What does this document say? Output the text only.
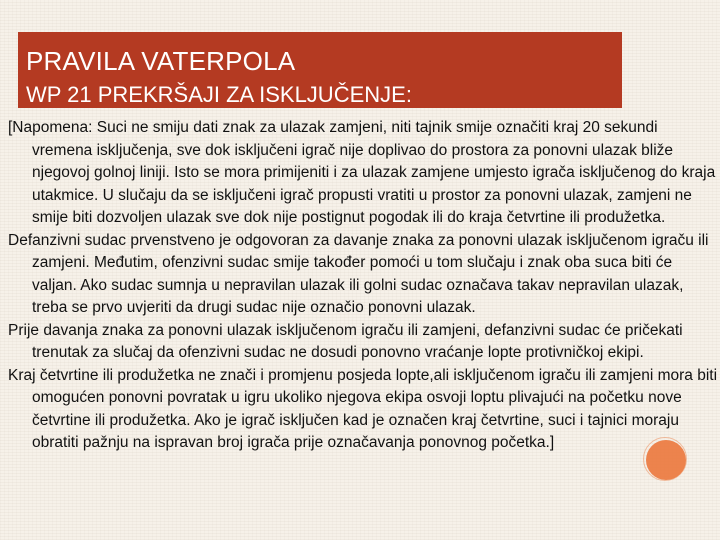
PRAVILA VATERPOLA
WP 21 PREKRŠAJI ZA ISKLJUČENJE:

[Napomena: Suci ne smiju dati znak za ulazak zamjeni, niti tajnik smije označiti kraj 20 sekundi vremena isključenja, sve dok isključeni igrač nije doplivao do prostora za ponovni ulazak bliže njegovoj golnoj liniji. Isto se mora primijeniti i za ulazak zamjene umjesto igrača isključenog do kraja utakmice. U slučaju da se isključeni igrač propusti vratiti u prostor za ponovni ulazak, zamjeni ne smije biti dozvoljen ulazak sve dok nije postignut pogodak ili do kraja četvrtine ili produžetka.

Defanzivni sudac prvenstveno je odgovoran za davanje znaka za ponovni ulazak isključenom igraču ili zamjeni. Međutim, ofenzivni sudac smije također pomoći u tom slučaju i znak oba suca biti će valjan. Ako sudac sumnja u nepravilan ulazak ili golni sudac označava takav nepravilan ulazak, treba se prvo uvjeriti da drugi sudac nije označio ponovni ulazak.

Prije davanja znaka za ponovni ulazak isključenom igraču ili zamjeni, defanzivni sudac će pričekati trenutak za slučaj da ofenzivni sudac ne dosudi ponovno vraćanje lopte protivničkoj ekipi.

Kraj četvrtine ili produžetka ne znači i promjenu posjeda lopte,ali isključenom igraču ili zamjeni mora biti omogućen ponovni povratak u igru ukoliko njegova ekipa osvoji loptu plivajući na početku nove četvrtine ili produžetka. Ako je igrač isključen kad je označen kraj četvrtine, suci i tajnici moraju obratiti pažnju na ispravan broj igrača prije označavanja ponovnog početka.]
